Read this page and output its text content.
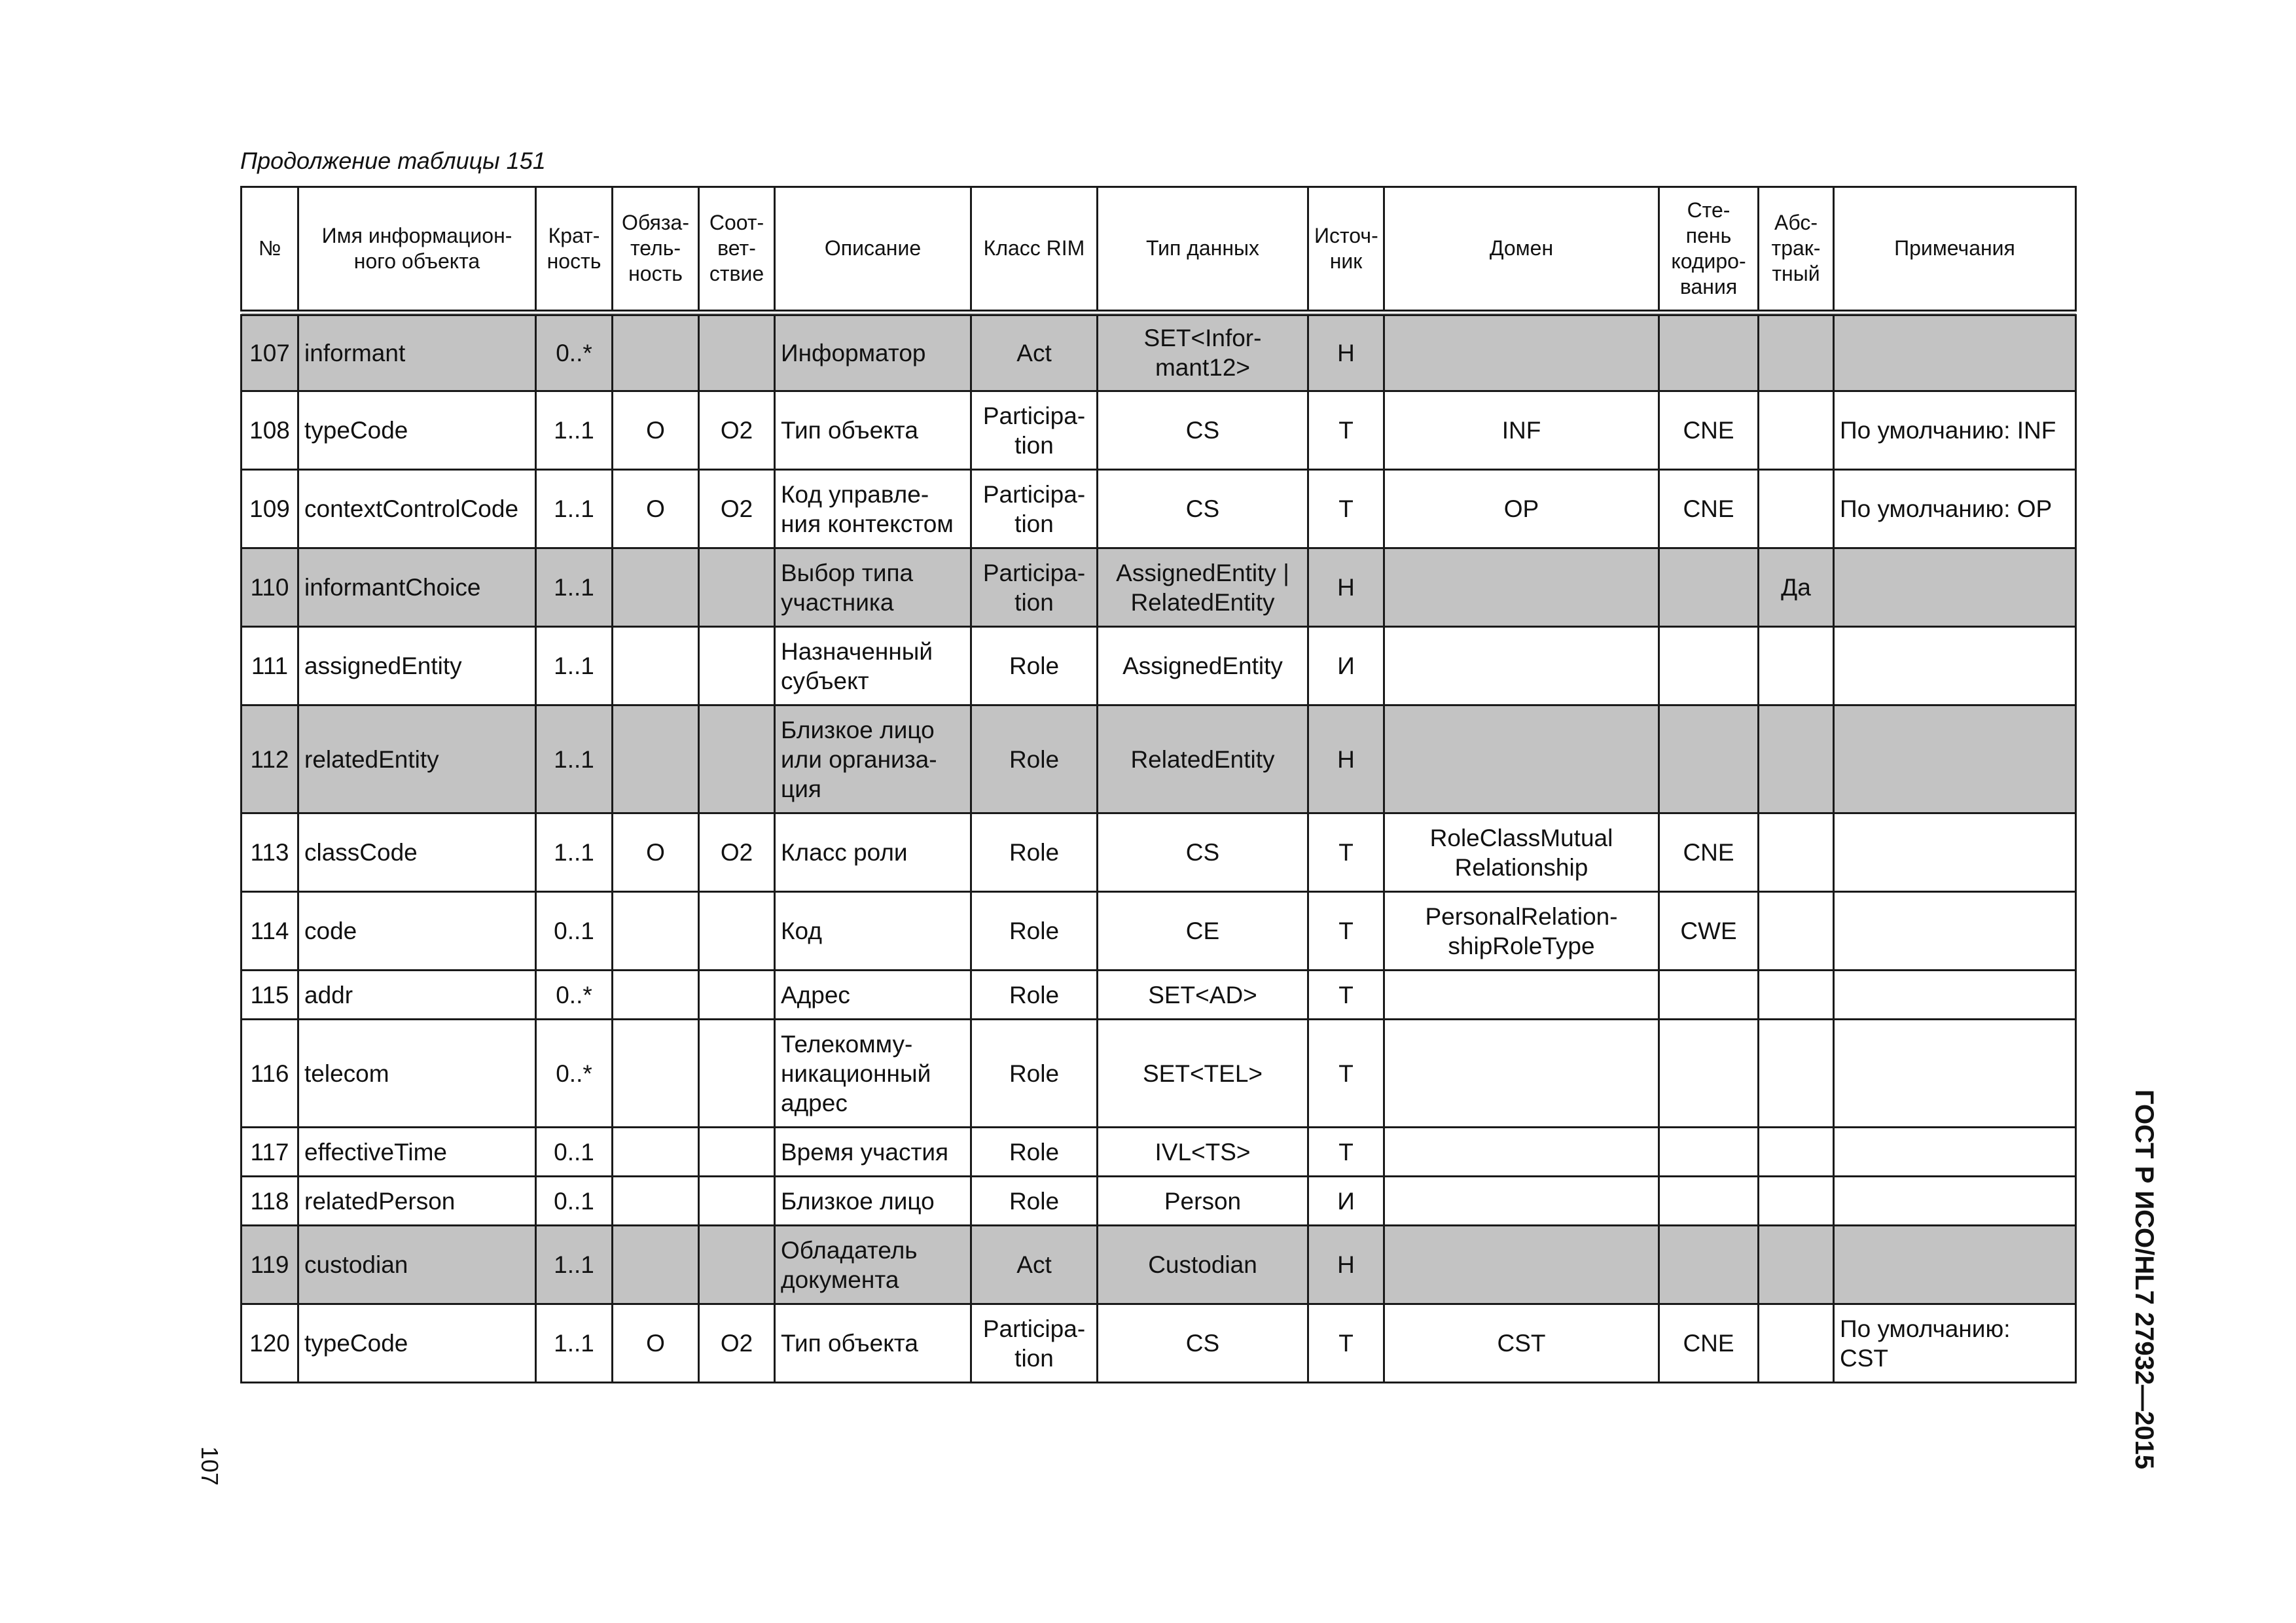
Продолжение таблицы 151
№	Имя информацион-
ного объекта	Крат-
ность	Обяза-
тель-
ность	Соот-
вет-
ствие	Описание	Класс RIM	Тип данных	Источ-
ник	Домен	Сте-
пень
кодиро-
вания	Абс-
трак-
тный	Примечания
107	informant	0..*			Информатор	Act	SET<Infor-
mant12>	Н				
108	typeCode	1..1	О	О2	Тип объекта	Participa-
tion	CS	Т	INF	CNE		По умолчанию: INF
109	contextControlCode	1..1	О	О2	Код управле-
ния контекстом	Participa-
tion	CS	Т	OP	CNE		По умолчанию: OP
110	informantChoice	1..1			Выбор типа
участника	Participa-
tion	AssignedEntity |
RelatedEntity	Н			Да	
111	assignedEntity	1..1			Назначенный
субъект	Role	AssignedEntity	И				
112	relatedEntity	1..1			Близкое лицо
или организа-
ция	Role	RelatedEntity	Н				
113	classCode	1..1	О	О2	Класс роли	Role	CS	Т	RoleClassMutual
Relationship	CNE		
114	code	0..1			Код	Role	CE	Т	PersonalRelation-
shipRoleType	CWE		
115	addr	0..*			Адрес	Role	SET<AD>	Т				
116	telecom	0..*			Телекомму-
никационный
адрес	Role	SET<TEL>	Т				
117	effectiveTime	0..1			Время участия	Role	IVL<TS>	Т				
118	relatedPerson	0..1			Близкое лицо	Role	Person	И				
119	custodian	1..1			Обладатель
документа	Act	Custodian	Н				
120	typeCode	1..1	О	О2	Тип объекта	Participa-
tion	CS	Т	CST	CNE		По умолчанию:
CST	ГОСТ Р ИСО/HL7 27932—2015
107
